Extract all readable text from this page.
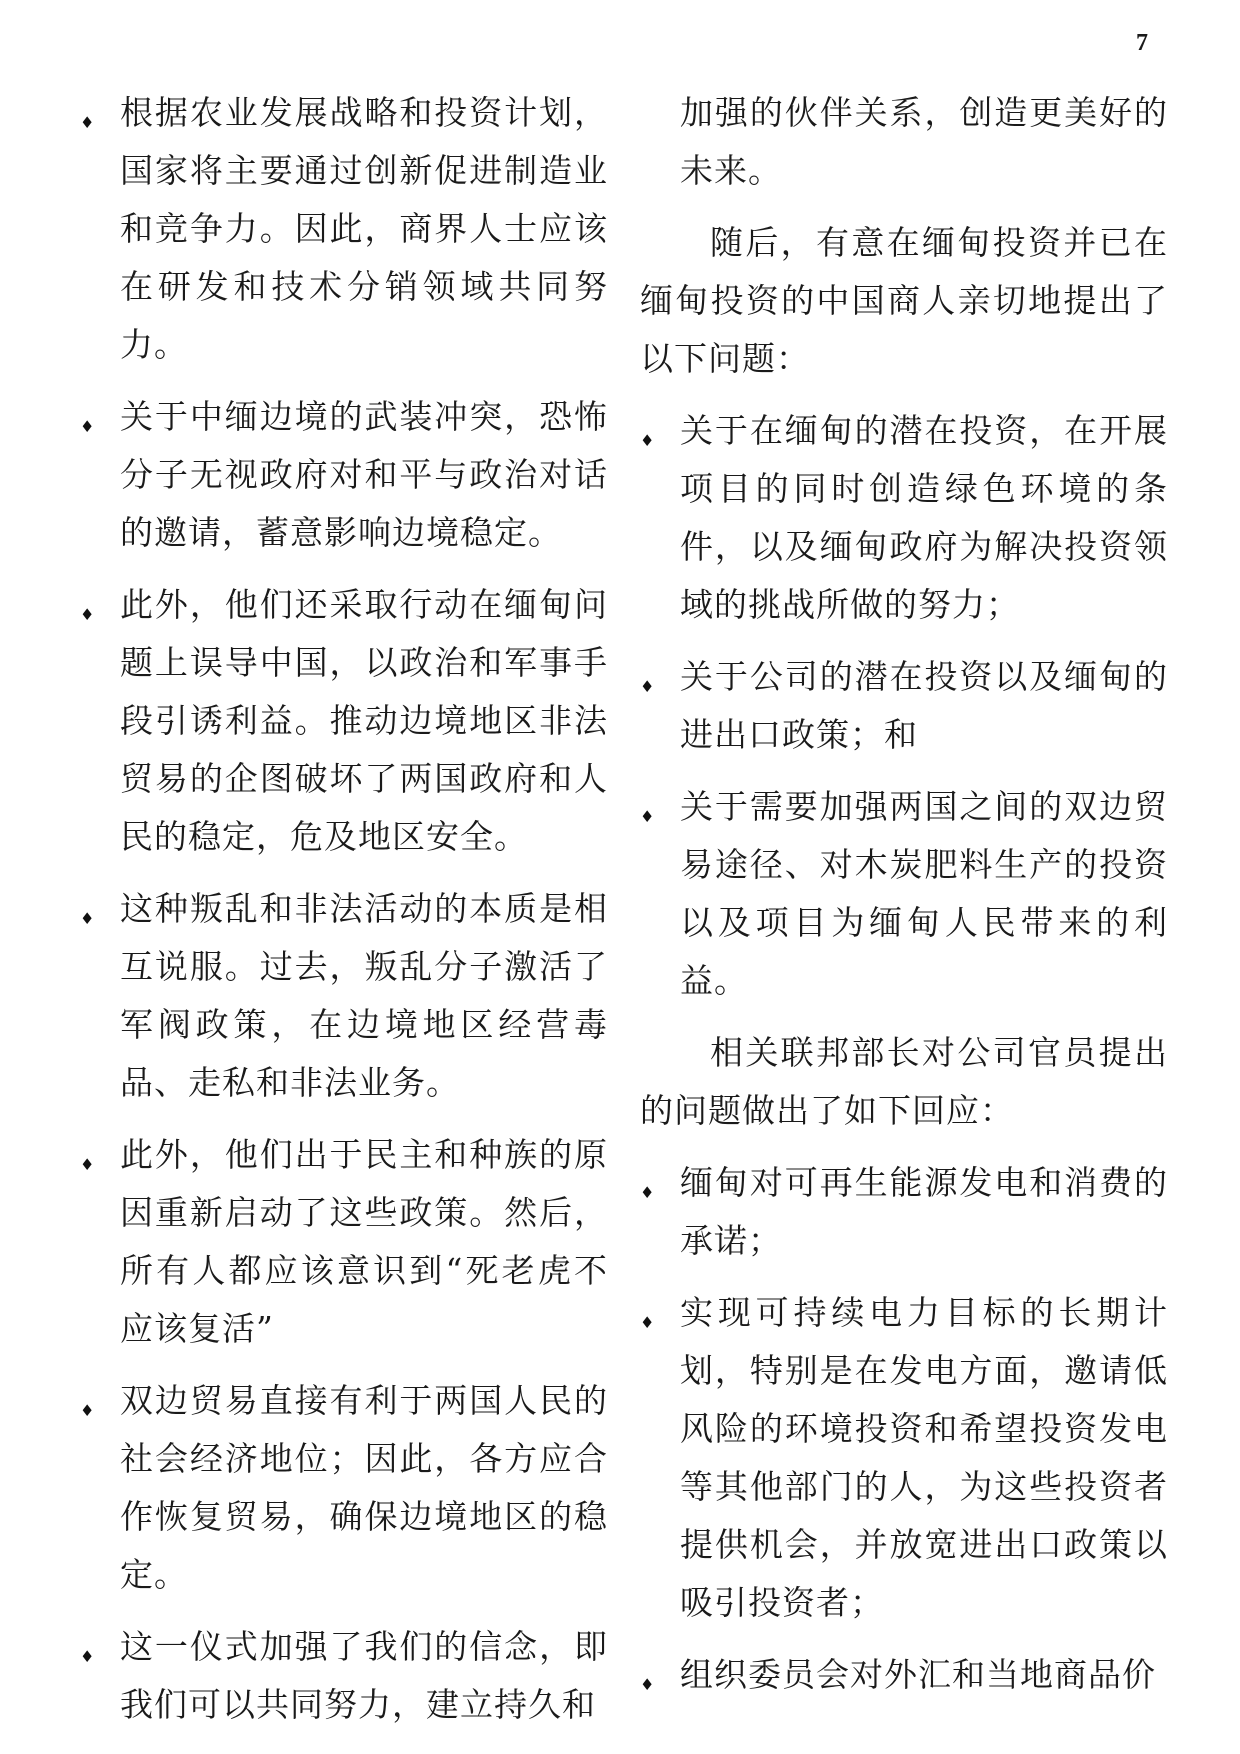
7
♦ 根据农业发展战略和投资计划，国家将主要通过创新促进制造业和竞争力。因此，商界人士应该在研发和技术分销领域共同努力。
♦ 关于中缅边境的武装冲突，恐怖分子无视政府对和平与政治对话的邀请，蓄意影响边境稳定。
♦ 此外，他们还采取行动在缅甸问题上误导中国，以政治和军事手段引诱利益。推动边境地区非法贸易的企图破坏了两国政府和人民的稳定，危及地区安全。
♦ 这种叛乱和非法活动的本质是相互说服。过去，叛乱分子激活了军阀政策，在边境地区经营毒品、走私和非法业务。
♦ 此外，他们出于民主和种族的原因重新启动了这些政策。然后，所有人都应该意识到“死老虎不应该复活”
♦ 双边贸易直接有利于两国人民的社会经济地位；因此，各方应合作恢复贸易，确保边境地区的稳定。
♦ 这一仪式加强了我们的信念，即我们可以共同努力，建立持久和

加强的伙伴关系，创造更美好的未来。

随后，有意在缅甸投资并已在缅甸投资的中国商人亲切地提出了以下问题：

♦ 关于在缅甸的潜在投资，在开展项目的同时创造绿色环境的条件，以及缅甸政府为解决投资领域的挑战所做的努力；
♦ 关于公司的潜在投资以及缅甸的进出口政策；和
♦ 关于需要加强两国之间的双边贸易途径、对木炭肥料生产的投资以及项目为缅甸人民带来的利益。

相关联邦部长对公司官员提出的问题做出了如下回应：

♦ 缅甸对可再生能源发电和消费的承诺；
♦ 实现可持续电力目标的长期计划，特别是在发电方面，邀请低风险的环境投资和希望投资发电等其他部门的人，为这些投资者提供机会，并放宽进出口政策以吸引投资者；
♦ 组织委员会对外汇和当地商品价
